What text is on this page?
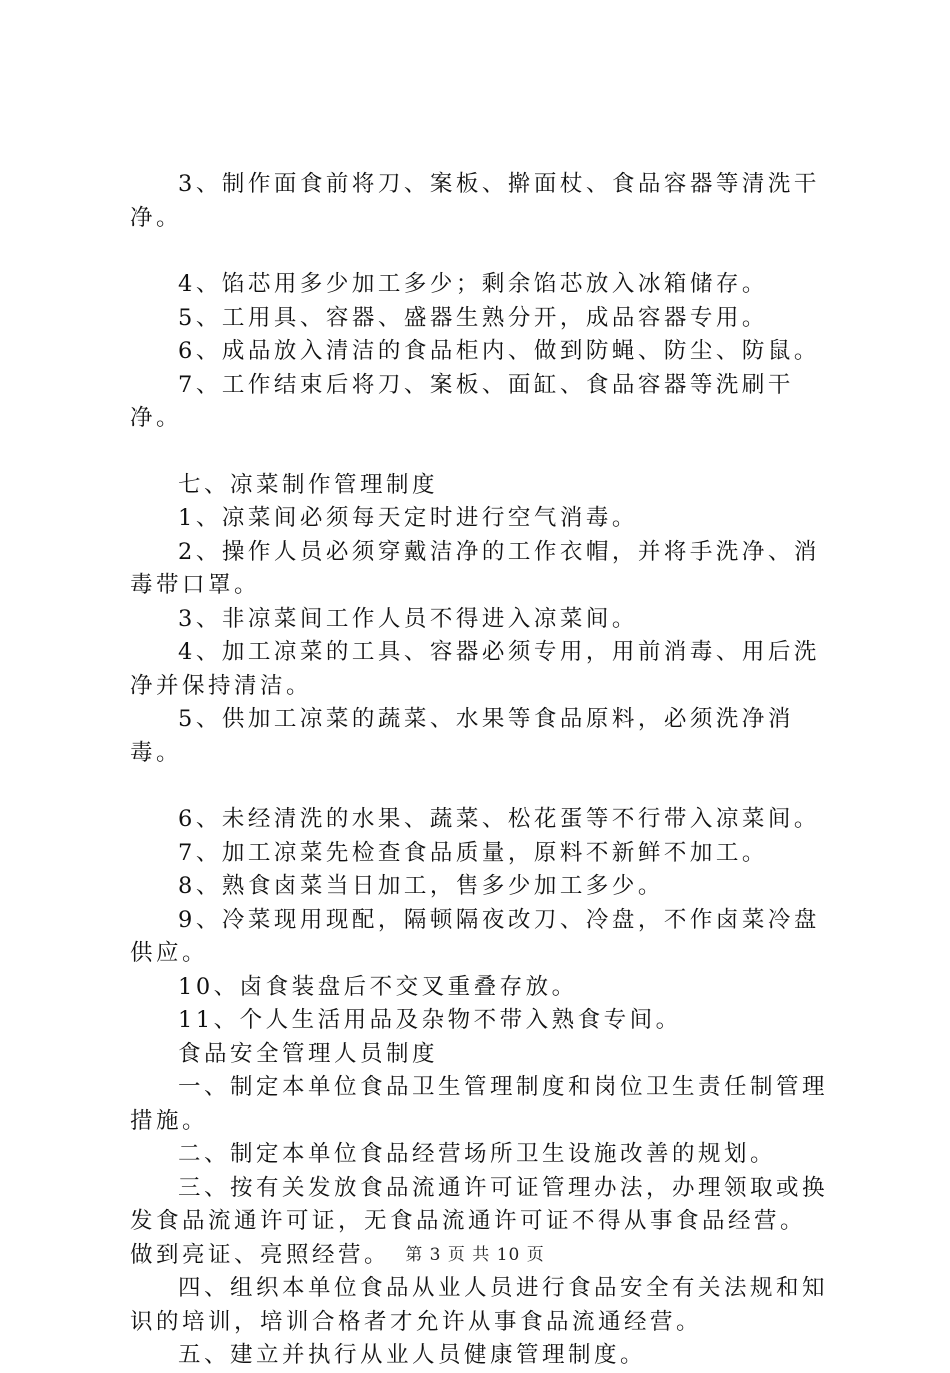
3、制作面食前将刀、案板、擀面杖、食品容器等清洗干净。

4、馅芯用多少加工多少；剩余馅芯放入冰箱储存。

5、工用具、容器、盛器生熟分开，成品容器专用。

6、成品放入清洁的食品柜内、做到防蝇、防尘、防鼠。

7、工作结束后将刀、案板、面缸、食品容器等洗刷干净。

七、凉菜制作管理制度

1、凉菜间必须每天定时进行空气消毒。

2、操作人员必须穿戴洁净的工作衣帽，并将手洗净、消毒带口罩。

3、非凉菜间工作人员不得进入凉菜间。

4、加工凉菜的工具、容器必须专用，用前消毒、用后洗净并保持清洁。

5、供加工凉菜的蔬菜、水果等食品原料，必须洗净消毒。

6、未经清洗的水果、蔬菜、松花蛋等不行带入凉菜间。

7、加工凉菜先检查食品质量，原料不新鲜不加工。

8、熟食卤菜当日加工，售多少加工多少。

9、冷菜现用现配，隔顿隔夜改刀、冷盘，不作卤菜冷盘供应。

10、卤食装盘后不交叉重叠存放。

11、个人生活用品及杂物不带入熟食专间。

食品安全管理人员制度

一、制定本单位食品卫生管理制度和岗位卫生责任制管理措施。

二、制定本单位食品经营场所卫生设施改善的规划。

三、按有关发放食品流通许可证管理办法，办理领取或换发食品流通许可证，无食品流通许可证不得从事食品经营。做到亮证、亮照经营。

四、组织本单位食品从业人员进行食品安全有关法规和知识的培训，培训合格者才允许从事食品流通经营。

五、建立并执行从业人员健康管理制度。

第 3 页 共 10 页
